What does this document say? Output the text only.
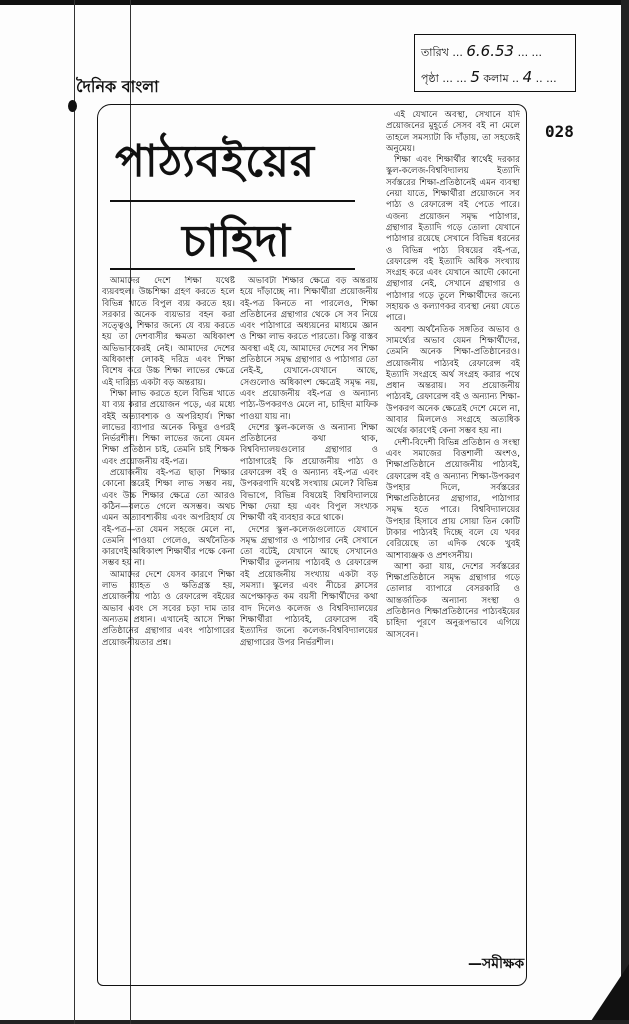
দৈনিক বাংলা
তারিখ ... 6.6.53 ... ...
পৃষ্ঠা ... ... 5 কলাম .. 4 .. ...
028
পাঠ্যবইয়ের
চাহিদা

আমাদের দেশে শিক্ষা যথেষ্ট ব্যয়বহুল। উচ্চশিক্ষা গ্রহণ করতে হলে বিভিন্ন খাতে বিপুল ব্যয় করতে হয়। সরকার অনেক ব্যয়ভার বহন করা সত্ত্বেও, শিক্ষার জন্যে যে ব্যয় করতে হয় তা দেশবাসীর ক্ষমতা অধিকাংশ অভিভাবকেরই নেই। আমাদের দেশের অধিকাংশ লোকই দরিদ্র এবং শিক্ষা বিশেষ করে উচ্চ শিক্ষা লাভের ক্ষেত্রে এই দারিদ্র্য একটা বড় অন্তরায়।

শিক্ষা লাভ করতে হলে বিভিন্ন খাতে যা ব্যয় করার প্রয়োজন পড়ে, এর মধ্যে বইই অত্যাবশ্যক ও অপরিহার্য। শিক্ষা লাভের ব্যাপার অনেক কিছুর ওপরই নির্ভরশীল। শিক্ষা লাভের জন্যে যেমন শিক্ষা প্রতিষ্ঠান চাই, তেমনি চাই শিক্ষক এবং প্রয়োজনীয় বই-পত্র।

প্রয়োজনীয় বই-পত্র ছাড়া শিক্ষার কোনো স্তরেই শিক্ষা লাভ সম্ভব নয়, এবং উচ্চ শিক্ষার ক্ষেত্রে তো আরও কঠিন—বলতে গেলে অসম্ভব। অথচ এমন অত্যাবশ্যকীয় এবং অপরিহার্য যে বই-পত্র—তা যেমন সহজে মেলে না, তেমনি পাওয়া গেলেও, অর্থনৈতিক কারণেই অধিকাংশ শিক্ষার্থীর পক্ষে কেনা সম্ভব হয় না।

আমাদের দেশে যেসব কারণে শিক্ষা লাভ ব্যাহত ও ক্ষতিগ্রস্ত হয়, প্রয়োজনীয় পাঠ্য ও রেফারেন্স বইয়ের অভাব এবং সে সবের চড়া দাম তার অন্যতম প্রধান। এখানেই আসে শিক্ষা প্রতিষ্ঠানের গ্রন্থাগার এবং পাঠাগারের প্রয়োজনীয়তার প্রশ্ন।

অভাবটা শিক্ষার ক্ষেত্রে বড় অন্তরায় হয়ে দাঁড়াচ্ছে না। শিক্ষার্থীরা প্রয়োজনীয় বই-পত্র কিনতে না পারলেও, শিক্ষা প্রতিষ্ঠানের গ্রন্থাগার থেকে সে সব নিয়ে এবং পাঠাগারে অধ্যয়নের মাধ্যমে জ্ঞান ও শিক্ষা লাভ করতে পারতো। কিন্তু বাস্তব অবস্থা এই যে, আমাদের দেশের সব শিক্ষা প্রতিষ্ঠানে সমৃদ্ধ গ্রন্থাগার ও পাঠাগার তো নেই-ই, যেখানে-যেখানে আছে, সেগুলোও অধিকাংশ ক্ষেত্রেই সমৃদ্ধ নয়, এবং প্রয়োজনীয় বই-পত্র ও অন্যান্য পাঠ্য-উপকরণও মেলে না, চাহিদা মাফিক পাওয়া যায় না।

দেশের স্কুল-কলেজ ও অন্যান্য শিক্ষা প্রতিষ্ঠানের কথা থাক, বিশ্ববিদ্যালয়গুলোর গ্রন্থাগার ও পাঠাগারেই কি প্রয়োজনীয় পাঠ্য ও রেফারেন্স বই ও অন্যান্য বই-পত্র এবং উপকরণাদি যথেষ্ট সংখ্যায় মেলে? বিভিন্ন বিভাগে, বিভিন্ন বিষয়েই বিশ্ববিদ্যালয়ে শিক্ষা দেয়া হয় এবং বিপুল সংখ্যক শিক্ষার্থী বই ব্যবহার করে থাকে।

দেশের স্কুল-কলেজগুলোতে যেখানে সমৃদ্ধ গ্রন্থাগার ও পাঠাগার নেই সেখানে তো বটেই, যেখানে আছে সেখানেও শিক্ষার্থীর তুলনায় পাঠ্যবই ও রেফারেন্স বই প্রয়োজনীয় সংখ্যায় একটা বড় সমস্যা। স্কুলের এবং নীচের ক্লাসের অপেক্ষাকৃত কম বয়সী শিক্ষার্থীদের কথা বাদ দিলেও কলেজ ও বিশ্ববিদ্যালয়ের শিক্ষার্থীরা পাঠ্যবই, রেফারেন্স বই ইত্যাদির জন্যে কলেজ-বিশ্ববিদ্যালয়ের গ্রন্থাগারের উপর নির্ভরশীল।

এই যেখানে অবস্থা, সেখানে যদি প্রয়োজনের মুহূর্তে সেসব বই না মেলে তাহলে সমস্যাটা কি দাঁড়ায়, তা সহজেই অনুমেয়।

শিক্ষা এবং শিক্ষার্থীর স্বার্থেই দরকার স্কুল-কলেজ-বিশ্ববিদ্যালয় ইত্যাদি সর্বস্তরের শিক্ষা-প্রতিষ্ঠানেই এমন ব্যবস্থা নেয়া যাতে, শিক্ষার্থীরা প্রয়োজনে সব পাঠ্য ও রেফারেন্স বই পেতে পারে। এজন্য প্রয়োজন সমৃদ্ধ পাঠাগার, গ্রন্থাগার ইত্যাদি গড়ে তোলা যেখানে পাঠাগার রয়েছে সেখানে বিভিন্ন ধরনের ও বিভিন্ন পাঠ্য বিষয়ের বই-পত্র, রেফারেন্স বই ইত্যাদি অধিক সংখ্যায় সংগ্রহ করে এবং যেখানে আদৌ কোনো গ্রন্থাগার নেই, সেখানে গ্রন্থাগার ও পাঠাগার গড়ে তুলে শিক্ষার্থীদের জন্যে সহায়ক ও কল্যাণকর ব্যবস্থা নেয়া যেতে পারে।

অবশ্য অর্থনৈতিক সঙ্গতির অভাব ও সামর্থ্যের অভাব যেমন শিক্ষার্থীদের, তেমনি অনেক শিক্ষা-প্রতিষ্ঠানেরও। প্রয়োজনীয় পাঠ্যবই রেফারেন্স বই ইত্যাদি সংগ্রহে অর্থ সংগ্রহ করার পথে প্রধান অন্তরায়। সব প্রয়োজনীয় পাঠ্যবই, রেফারেন্স বই ও অন্যান্য শিক্ষা-উপকরণ অনেক ক্ষেত্রেই দেশে মেলে না, আবার মিললেও সংগ্রহে অত্যধিক অর্থের কারণেই কেনা সম্ভব হয় না।

দেশী-বিদেশী বিভিন্ন প্রতিষ্ঠান ও সংস্থা এবং সমাজের বিত্তশালী অংশও, শিক্ষাপ্রতিষ্ঠানে প্রয়োজনীয় পাঠ্যবই, রেফারেন্স বই ও অন্যান্য শিক্ষা-উপকরণ উপহার দিলে, সর্বস্তরের শিক্ষাপ্রতিষ্ঠানের গ্রন্থাগার, পাঠাগার সমৃদ্ধ হতে পারে। বিশ্ববিদ্যালয়ের উপহার হিসাবে প্রায় সোয়া তিন কোটি টাকার পাঠ্যবই দিচ্ছে বলে যে খবর বেরিয়েছে তা এদিক থেকে খুবই আশাব্যঞ্জক ও প্রশংসনীয়।

আশা করা যায়, দেশের সর্বস্তরের শিক্ষাপ্রতিষ্ঠানে সমৃদ্ধ গ্রন্থাগার গড়ে তোলার ব্যাপারে বেসরকারি ও আন্তর্জাতিক অন্যান্য সংস্থা ও প্রতিষ্ঠানও শিক্ষাপ্রতিষ্ঠানের পাঠ্যবইয়ের চাহিদা পূরণে অনুরূপভাবে এগিয়ে আসবেন।

—সমীক্ষক
